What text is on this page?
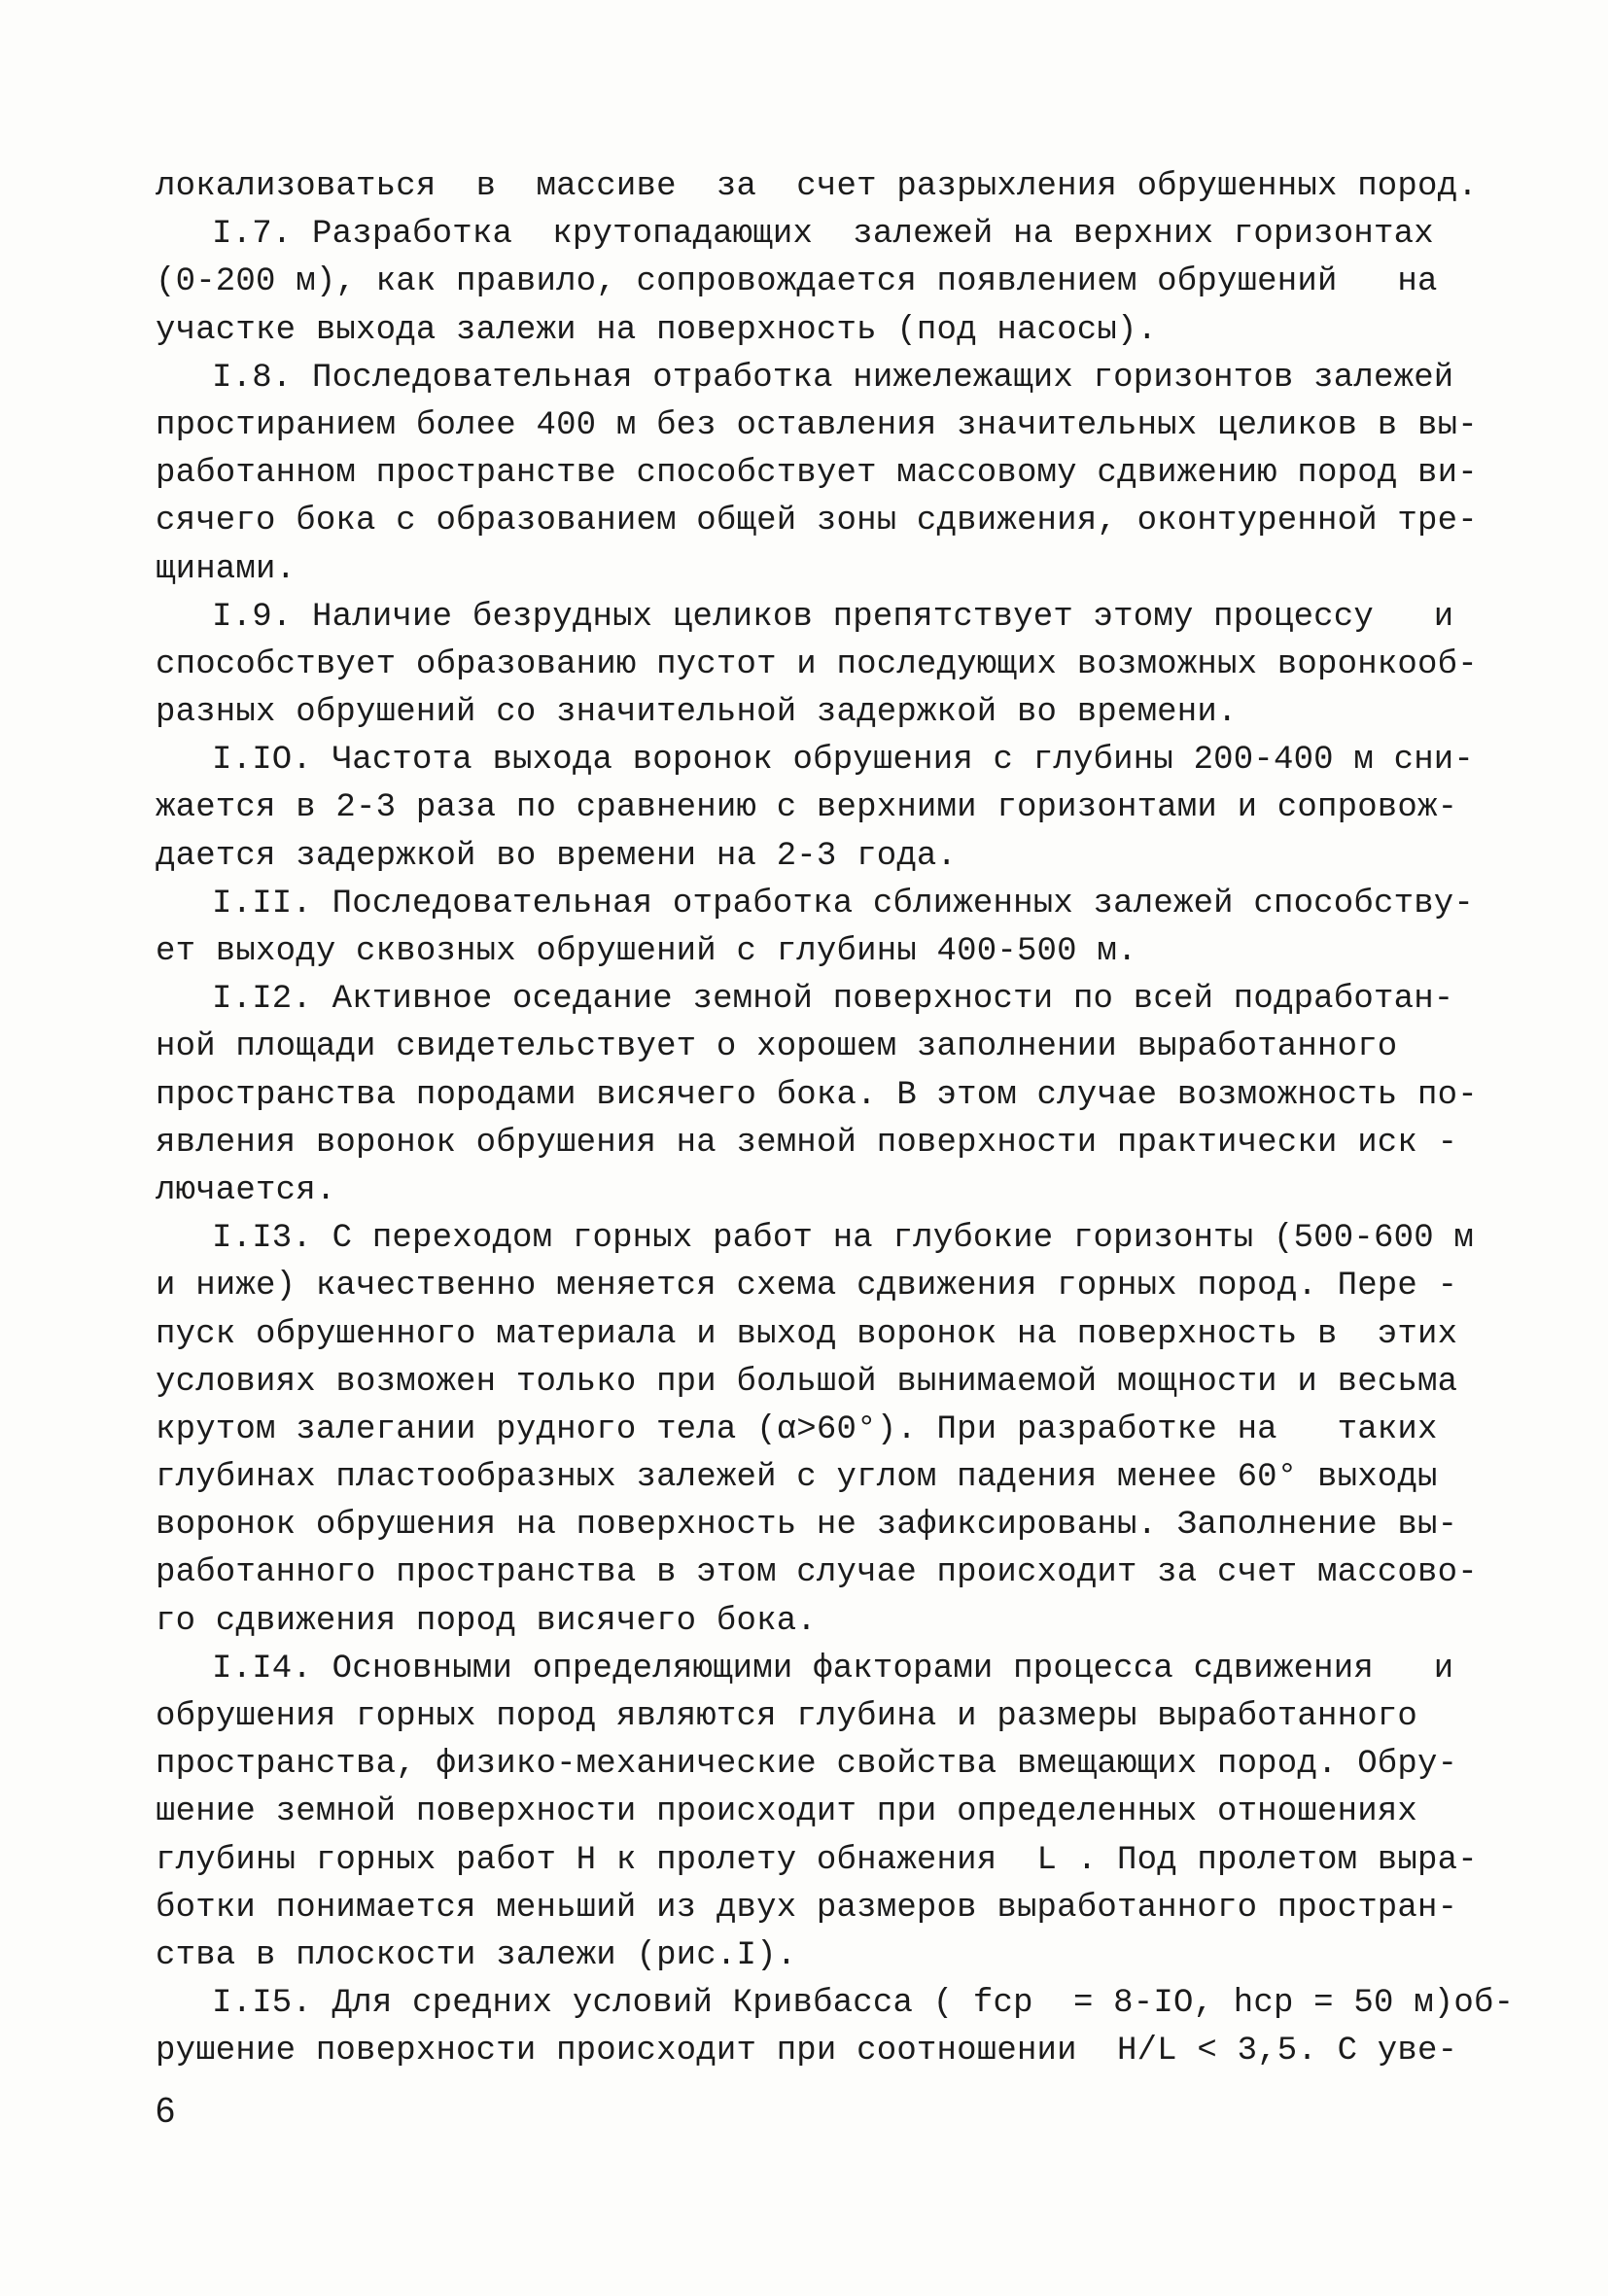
локализоваться  в  массиве  за  счет разрыхления обрушенных пород.
I.7. Разработка  крутопадающих  залежей на верхних горизонтах
(0-200 м), как правило, сопровождается появлением обрушений   на
участке выхода залежи на поверхность (под насосы).
I.8. Последовательная отработка нижележащих горизонтов залежей
простиранием более 400 м без оставления значительных целиков в вы-
работанном пространстве способствует массовому сдвижению пород ви-
сячего бока с образованием общей зоны сдвижения, оконтуренной тре-
щинами.
I.9. Наличие безрудных целиков препятствует этому процессу   и
способствует образованию пустот и последующих возможных воронкооб-
разных обрушений со значительной задержкой во времени.
I.IO. Частота выхода воронок обрушения с глубины 200-400 м сни-
жается в 2-3 раза по сравнению с верхними горизонтами и сопровож-
дается задержкой во времени на 2-3 года.
I.II. Последовательная отработка сближенных залежей способству-
ет выходу сквозных обрушений с глубины 400-500 м.
I.I2. Активное оседание земной поверхности по всей подработан-
ной площади свидетельствует о хорошем заполнении выработанного
пространства породами висячего бока. В этом случае возможность по-
явления воронок обрушения на земной поверхности практически иск -
лючается.
I.I3. С переходом горных работ на глубокие горизонты (500-600 м
и ниже) качественно меняется схема сдвижения горных пород. Пере -
пуск обрушенного материала и выход воронок на поверхность в  этих
условиях возможен только при большой вынимаемой мощности и весьма
крутом залегании рудного тела (α>60°). При разработке на   таких
глубинах пластообразных залежей с углом падения менее 60° выходы
воронок обрушения на поверхность не зафиксированы. Заполнение вы-
работанного пространства в этом случае происходит за счет массово-
го сдвижения пород висячего бока.
I.I4. Основными определяющими факторами процесса сдвижения   и
обрушения горных пород являются глубина и размеры выработанного
пространства, физико-механические свойства вмещающих пород. Обру-
шение земной поверхности происходит при определенных отношениях
глубины горных работ H к пролету обнажения  L . Под пролетом выра-
ботки понимается меньший из двух размеров выработанного простран-
ства в плоскости залежи (рис.I).
I.I5. Для средних условий Кривбасса ( fср  = 8-IO, hср = 50 м)об-
рушение поверхности происходит при соотношении  H/L < 3,5. С уве-
6
